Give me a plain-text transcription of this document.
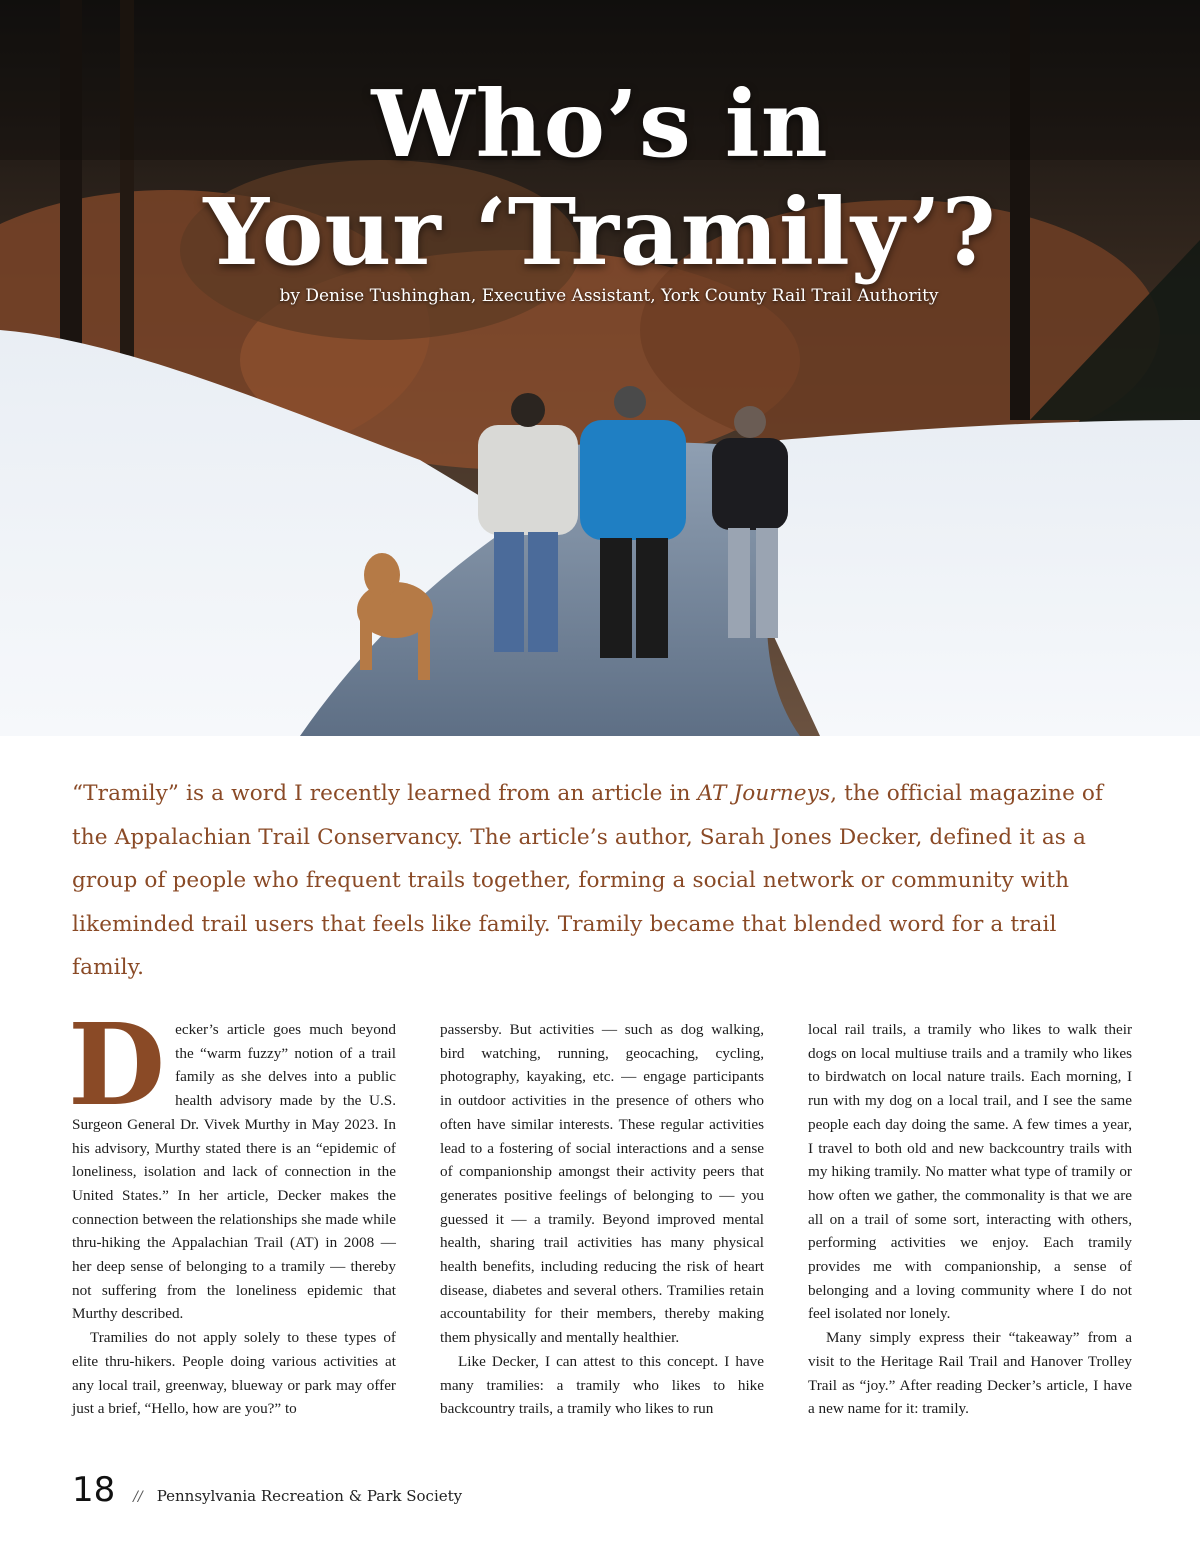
Who’s in
Your ‘Tramily’?
by Denise Tushinghan, Executive Assistant, York County Rail Trail Authority
“Tramily” is a word I recently learned from an article in AT Journeys, the official magazine of the Appalachian Trail Conservancy. The article’s author, Sarah Jones Decker, defined it as a group of people who frequent trails together, forming a social network or community with likeminded trail users that feels like family. Tramily became that blended word for a trail family.

Decker’s article goes much beyond the “warm fuzzy” notion of a trail family as she delves into a public health advisory made by the U.S. Surgeon General Dr. Vivek Murthy in May 2023. In his advisory, Murthy stated there is an “epidemic of loneliness, isolation and lack of connection in the United States.” In her article, Decker makes the connection between the relationships she made while thru-hiking the Appalachian Trail (AT) in 2008 — her deep sense of belonging to a tramily — thereby not suffering from the loneliness epidemic that Murthy described.

Tramilies do not apply solely to these types of elite thru-hikers. People doing various activities at any local trail, greenway, blueway or park may offer just a brief, “Hello, how are you?” to

passersby. But activities — such as dog walking, bird watching, running, geocaching, cycling, photography, kayaking, etc. — engage participants in outdoor activities in the presence of others who often have similar interests. These regular activities lead to a fostering of social interactions and a sense of companionship amongst their activity peers that generates positive feelings of belonging to — you guessed it — a tramily. Beyond improved mental health, sharing trail activities has many physical health benefits, including reducing the risk of heart disease, diabetes and several others. Tramilies retain accountability for their members, thereby making them physically and mentally healthier.

Like Decker, I can attest to this concept. I have many tramilies: a tramily who likes to hike backcountry trails, a tramily who likes to run

local rail trails, a tramily who likes to walk their dogs on local multiuse trails and a tramily who likes to birdwatch on local nature trails. Each morning, I run with my dog on a local trail, and I see the same people each day doing the same. A few times a year, I travel to both old and new backcountry trails with my hiking tramily. No matter what type of tramily or how often we gather, the commonality is that we are all on a trail of some sort, interacting with others, performing activities we enjoy. Each tramily provides me with companionship, a sense of belonging and a loving community where I do not feel isolated nor lonely.

Many simply express their “takeaway” from a visit to the Heritage Rail Trail and Hanover Trolley Trail as “joy.” After reading Decker’s article, I have a new name for it: tramily.

18 // Pennsylvania Recreation & Park Society
